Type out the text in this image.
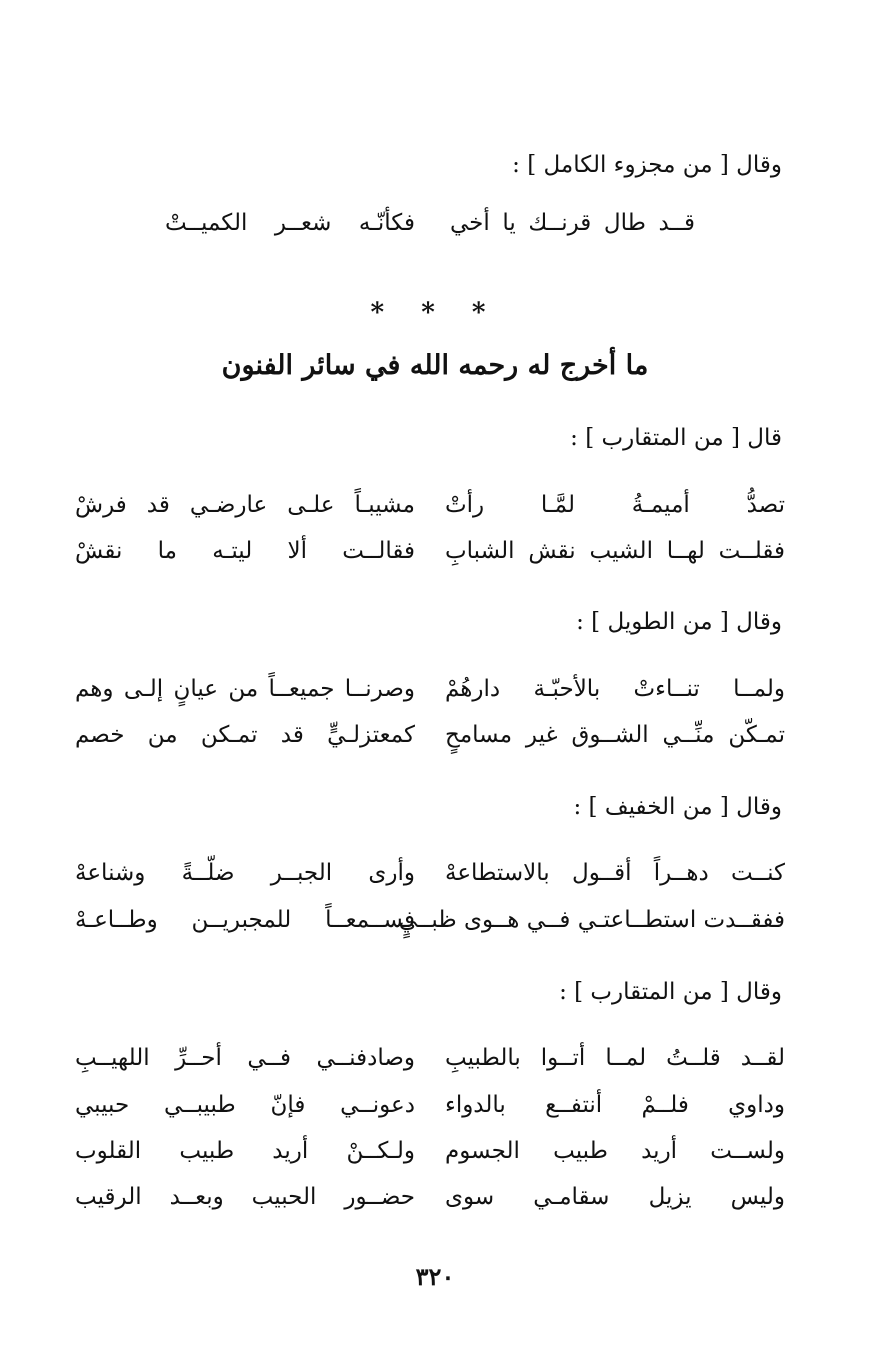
وقال [ من مجزوء الكامل ] :
قــد طال قرنــك يا أخي
فكأنّـه شعــر الكميــتْ
* * *
ما أخرج له رحمه الله في سائر الفنون
قال [ من المتقارب ] :
تصدُّ أميمـةُ لمَّـا رأتْ
مشيبـاً علـى عارضـي قد فرشْ
فقلــت لهــا الشيب نقش الشبابِ
فقالــت ألا ليتـه ما نقشْ
وقال [ من الطويل ] :
ولمــا تنــاءتْ بالأحبّـة دارهُمْ
وصرنــا جميعــاً من عيانٍ إلـى وهم
تمـكّن منِّــي الشــوق غير مسامحٍ
كمعتزلـيٍّ قد تمـكن من خصم
وقال [ من الخفيف ] :
كنــت دهــراً أقــول بالاستطاعهْ
وأرى الجبــر ضلّــةً وشناعهْ
ففقــدت استطــاعتـي فــي هــوى ظبــيٍ
فســمعــاً للمجبريــن وطــاعـهْ
وقال [ من المتقارب ] :
لقــد قلــتُ لمــا أتــوا بالطبيبِ
وصادفنــي فــي أحــرِّ اللهيــبِ
وداوي فلــمْ أنتفــع بالدواء
دعونــي فإنّ طبيبــي حبيبي
ولســت أريد طبيب الجسوم
ولـكــنْ أريد طبيب القلوب
وليس يزيل سقامـي سوى
حضــور الحبيب وبعــد الرقيب
٣٢٠
